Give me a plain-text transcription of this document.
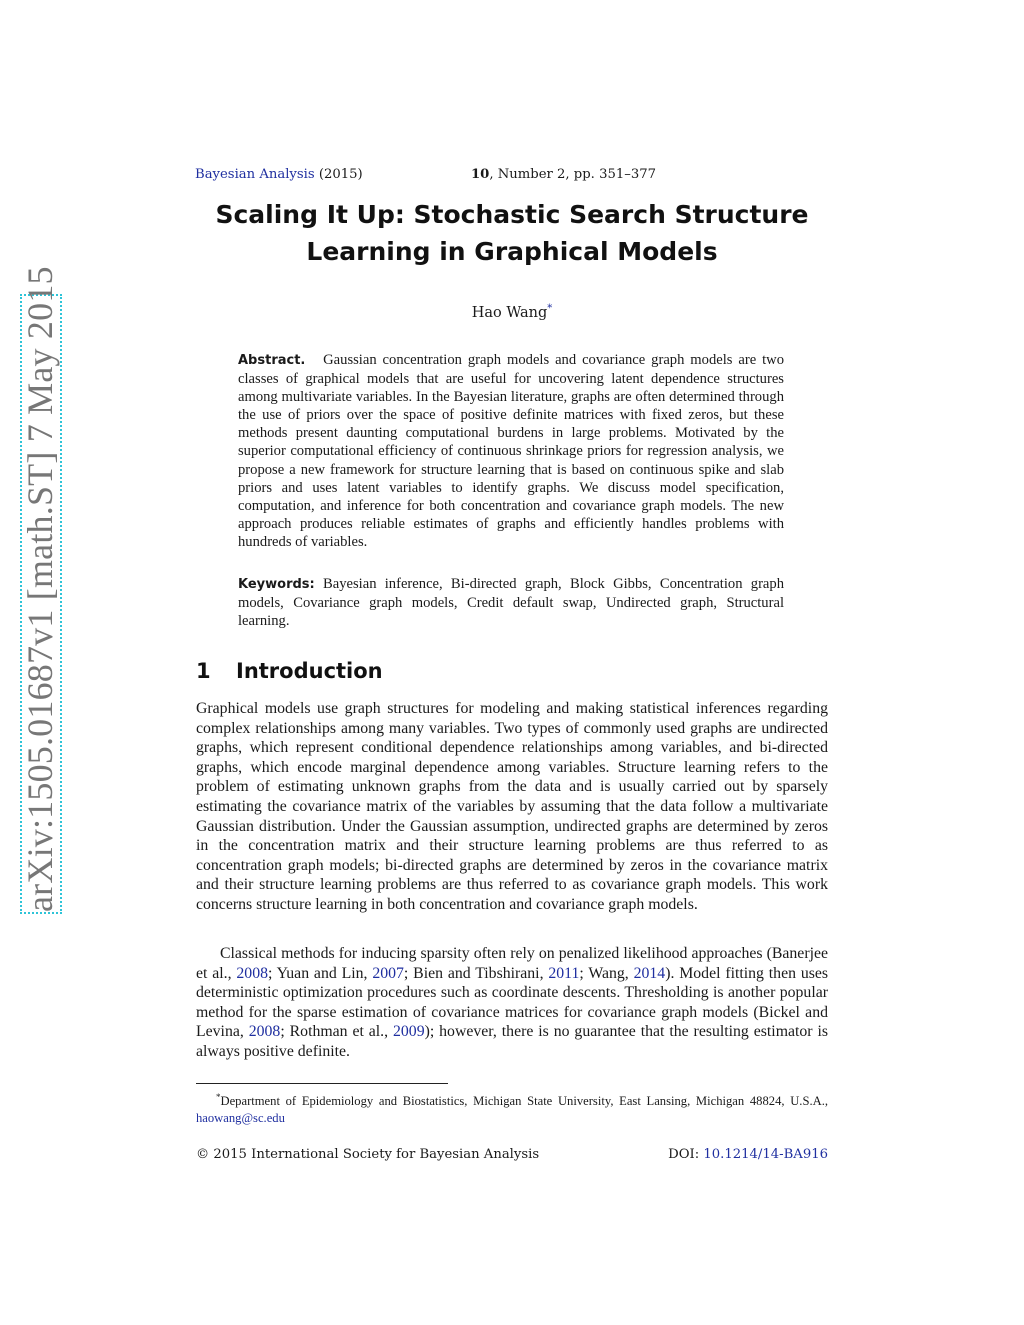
arXiv:1505.01687v1 [math.ST] 7 May 2015
Bayesian Analysis (2015)	10, Number 2, pp. 351–377
Scaling It Up: Stochastic Search Structure Learning in Graphical Models
Hao Wang*
Abstract. Gaussian concentration graph models and covariance graph models are two classes of graphical models that are useful for uncovering latent dependence structures among multivariate variables. In the Bayesian literature, graphs are often determined through the use of priors over the space of positive definite matrices with fixed zeros, but these methods present daunting computational burdens in large problems. Motivated by the superior computational efficiency of continuous shrinkage priors for regression analysis, we propose a new framework for structure learning that is based on continuous spike and slab priors and uses latent variables to identify graphs. We discuss model specification, computation, and inference for both concentration and covariance graph models. The new approach produces reliable estimates of graphs and efficiently handles problems with hundreds of variables.
Keywords: Bayesian inference, Bi-directed graph, Block Gibbs, Concentration graph models, Covariance graph models, Credit default swap, Undirected graph, Structural learning.
1 Introduction

Graphical models use graph structures for modeling and making statistical inferences regarding complex relationships among many variables. Two types of commonly used graphs are undirected graphs, which represent conditional dependence relationships among variables, and bi-directed graphs, which encode marginal dependence among variables. Structure learning refers to the problem of estimating unknown graphs from the data and is usually carried out by sparsely estimating the covariance matrix of the variables by assuming that the data follow a multivariate Gaussian distribution. Under the Gaussian assumption, undirected graphs are determined by zeros in the concentration matrix and their structure learning problems are thus referred to as concentration graph models; bi-directed graphs are determined by zeros in the covariance matrix and their structure learning problems are thus referred to as covariance graph models. This work concerns structure learning in both concentration and covariance graph models.

Classical methods for inducing sparsity often rely on penalized likelihood approaches (Banerjee et al., 2008; Yuan and Lin, 2007; Bien and Tibshirani, 2011; Wang, 2014). Model fitting then uses deterministic optimization procedures such as coordinate descents. Thresholding is another popular method for the sparse estimation of covariance matrices for covariance graph models (Bickel and Levina, 2008; Rothman et al., 2009); however, there is no guarantee that the resulting estimator is always positive definite.

*Department of Epidemiology and Biostatistics, Michigan State University, East Lansing, Michigan 48824, U.S.A., haowang@sc.edu
© 2015 International Society for Bayesian Analysis	DOI: 10.1214/14-BA916
